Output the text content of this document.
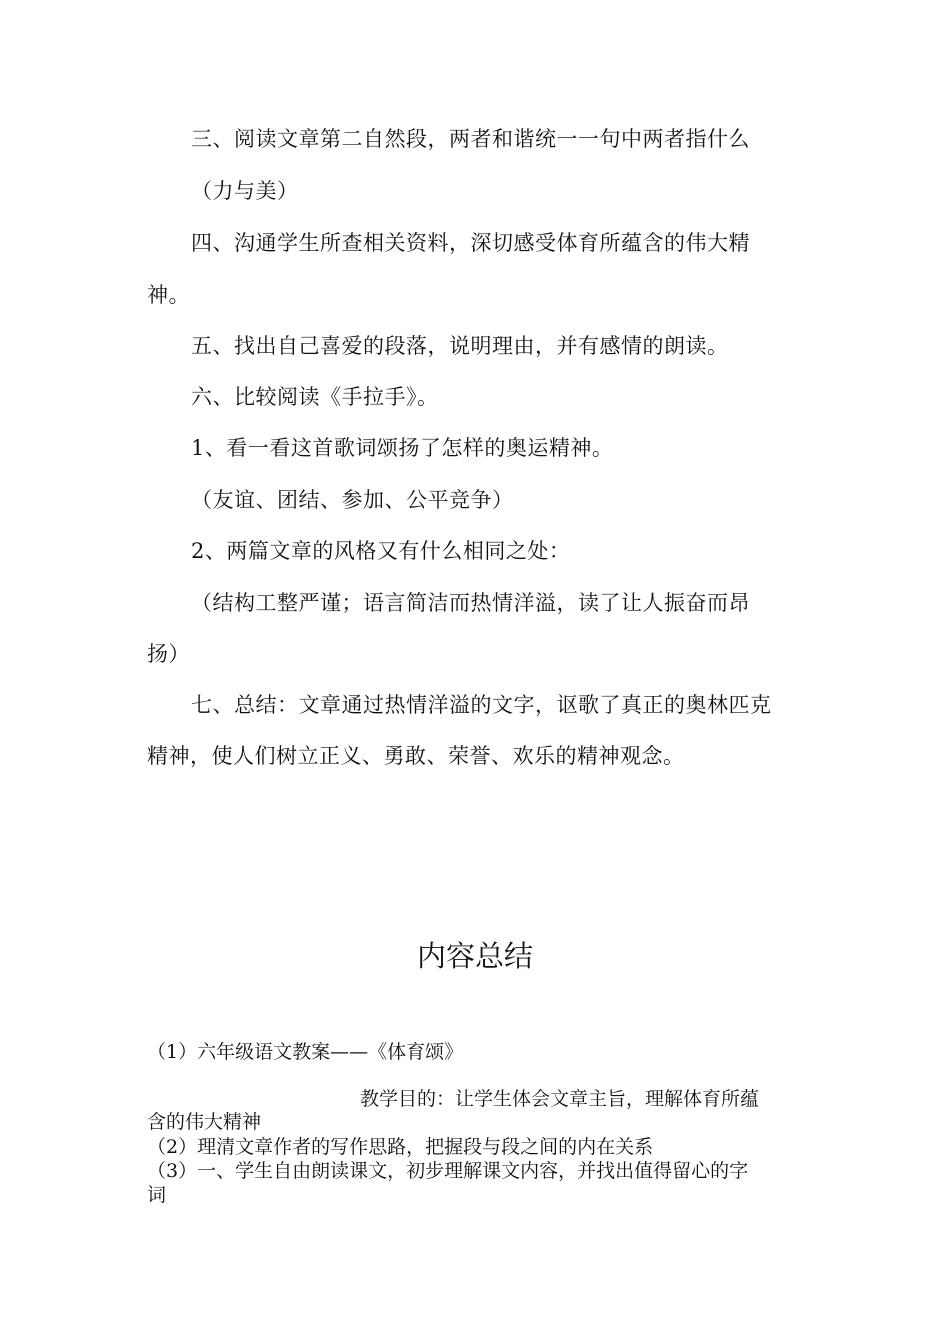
三、阅读文章第二自然段，两者和谐统一一句中两者指什么
（力与美）
四、沟通学生所查相关资料，深切感受体育所蕴含的伟大精
神。
五、找出自己喜爱的段落，说明理由，并有感情的朗读。
六、比较阅读《手拉手》。
1、看一看这首歌词颂扬了怎样的奥运精神。
（友谊、团结、参加、公平竞争）
2、两篇文章的风格又有什么相同之处：
（结构工整严谨；语言简洁而热情洋溢，读了让人振奋而昂
扬）
七、总结：文章通过热情洋溢的文字，讴歌了真正的奥林匹克
精神，使人们树立正义、勇敢、荣誉、欢乐的精神观念。
内容总结
（1）六年级语文教案——《体育颂》
教学目的：让学生体会文章主旨，理解体育所蕴
含的伟大精神
（2）理清文章作者的写作思路，把握段与段之间的内在关系
（3）一、学生自由朗读课文，初步理解课文内容，并找出值得留心的字
词
